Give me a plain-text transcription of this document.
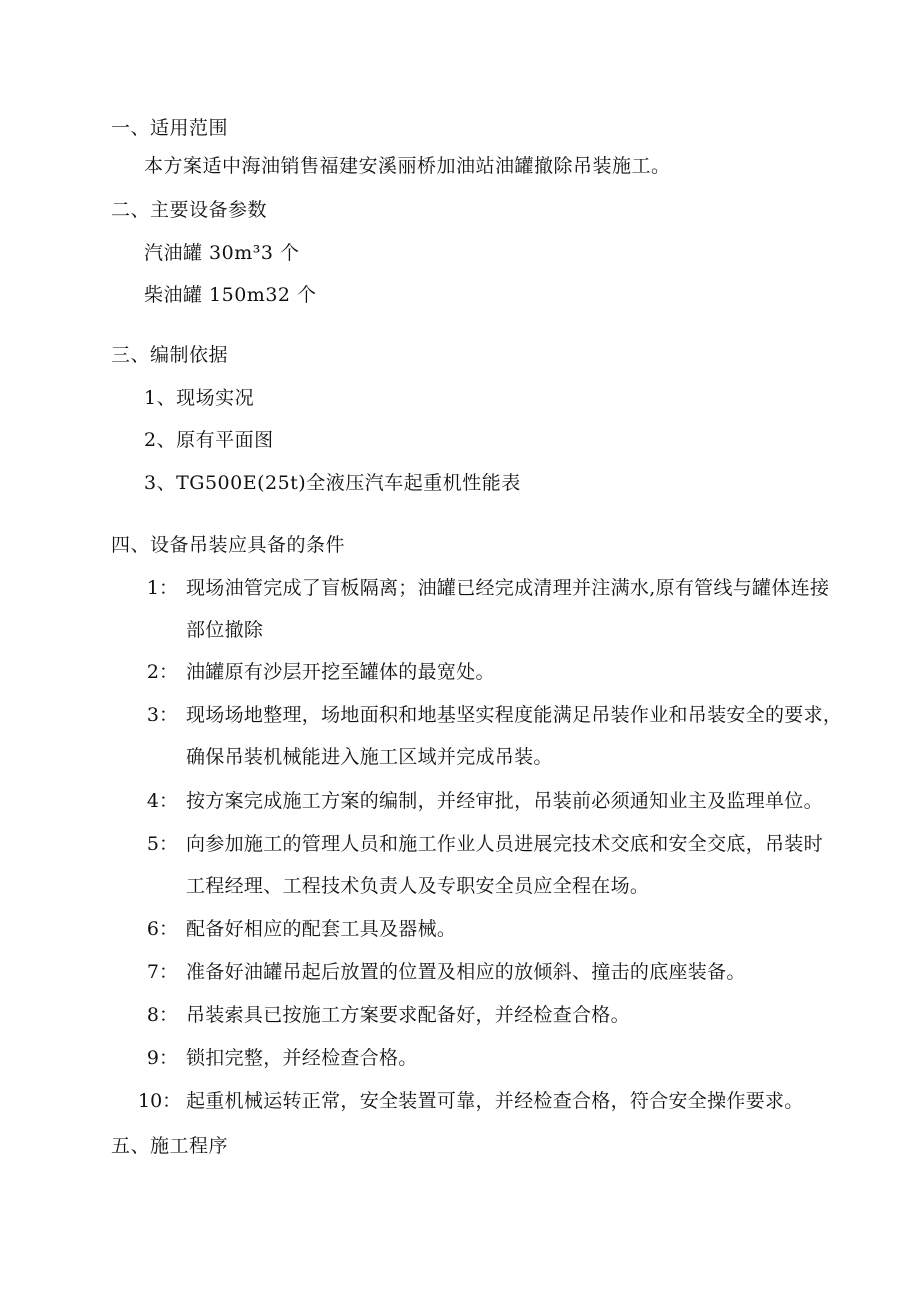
一、适用范围
本方案适中海油销售福建安溪丽桥加油站油罐撤除吊装施工。
二、主要设备参数
汽油罐 30m³3 个
柴油罐 150m32 个
三、编制依据
1、现场实况
2、原有平面图
3、TG500E(25t)全液压汽车起重机性能表
四、设备吊装应具备的条件
1： 现场油管完成了盲板隔离；油罐已经完成清理并注满水,原有管线与罐体连接
部位撤除
2： 油罐原有沙层开挖至罐体的最宽处。
3： 现场场地整理，场地面积和地基坚实程度能满足吊装作业和吊装安全的要求，
确保吊装机械能进入施工区域并完成吊装。
4： 按方案完成施工方案的编制，并经审批，吊装前必须通知业主及监理单位。
5： 向参加施工的管理人员和施工作业人员进展完技术交底和安全交底，吊装时
工程经理、工程技术负责人及专职安全员应全程在场。
6： 配备好相应的配套工具及器械。
7： 准备好油罐吊起后放置的位置及相应的放倾斜、撞击的底座装备。
8： 吊装索具已按施工方案要求配备好，并经检查合格。
9： 锁扣完整，并经检查合格。
10： 起重机械运转正常，安全装置可靠，并经检查合格，符合安全操作要求。
五、施工程序
